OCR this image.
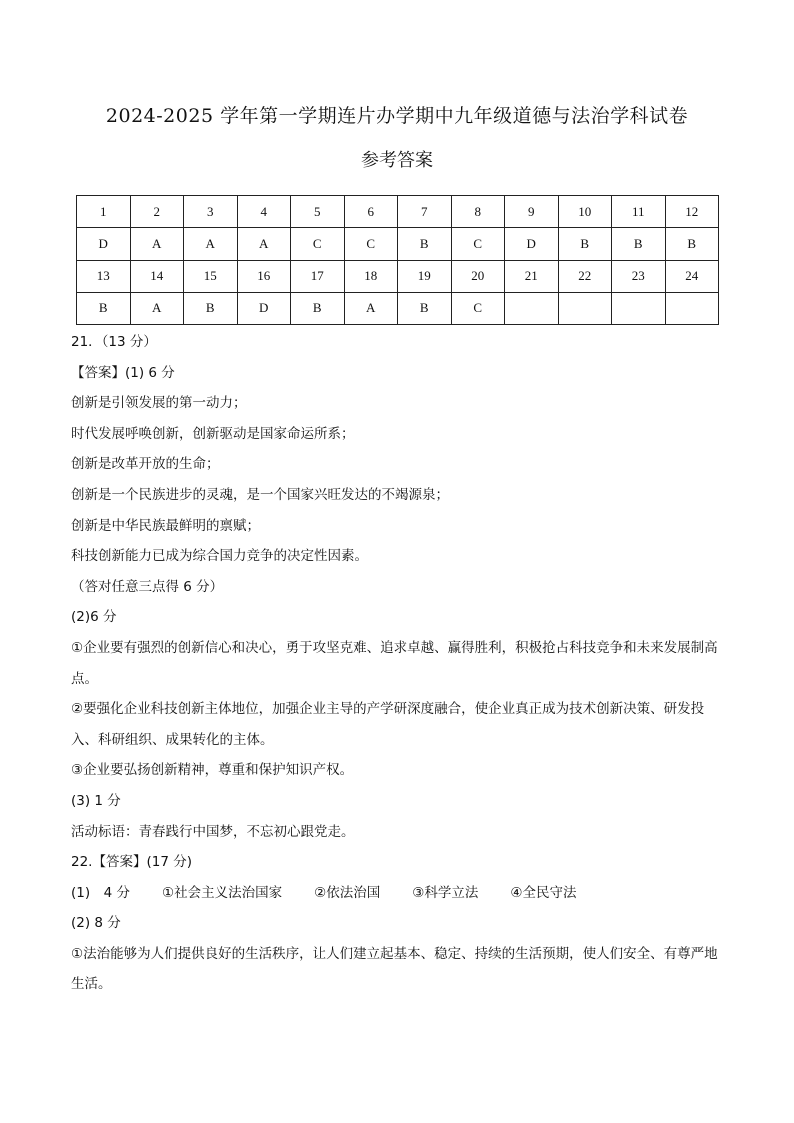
2024-2025 学年第一学期连片办学期中九年级道德与法治学科试卷
参考答案
1	2	3	4	5	6	7	8	9	10	11	12
D	A	A	A	C	C	B	C	D	B	B	B
13	14	15	16	17	18	19	20	21	22	23	24
B	A	B	D	B	A	B	C				

21．（13 分）

【答案】(1) 6 分

创新是引领发展的第一动力；

时代发展呼唤创新，创新驱动是国家命运所系；

创新是改革开放的生命；

创新是一个民族进步的灵魂，是一个国家兴旺发达的不竭源泉；

创新是中华民族最鲜明的禀赋；

科技创新能力已成为综合国力竞争的决定性因素。

（答对任意三点得 6 分）

(2)6 分

①企业要有强烈的创新信心和决心，勇于攻坚克难、追求卓越、赢得胜利，积极抢占科技竞争和未来发展制高点。

②要强化企业科技创新主体地位，加强企业主导的产学研深度融合，使企业真正成为技术创新决策、研发投入、科研组织、成果转化的主体。

③企业要弘扬创新精神，尊重和保护知识产权。

(3) 1 分

活动标语：青春践行中国梦，不忘初心跟党走。

22.【答案】(17 分)

(1)　4 分 ①社会主义法治国家 ②依法治国 ③科学立法 ④全民守法

(2) 8 分

①法治能够为人们提供良好的生活秩序，让人们建立起基本、稳定、持续的生活预期，使人们安全、有尊严地生活。
